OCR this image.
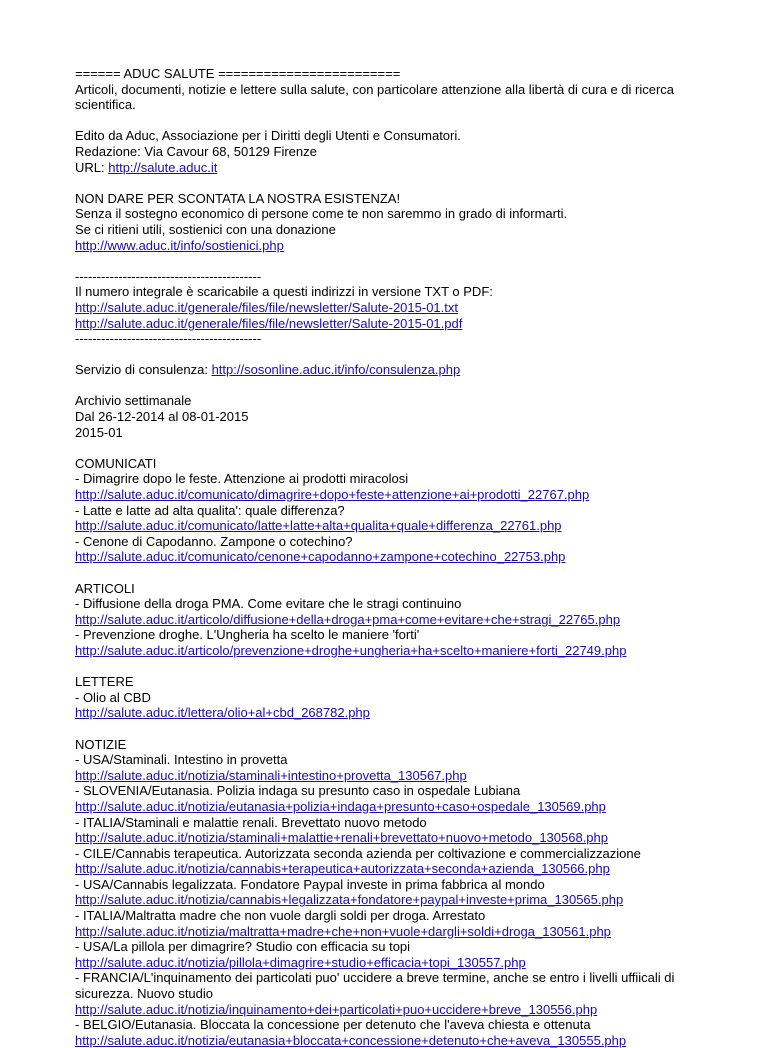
====== ADUC SALUTE ========================
Articoli, documenti, notizie e lettere sulla salute, con particolare attenzione alla libertà di cura e di ricerca scientifica.
Edito da Aduc, Associazione per i Diritti degli Utenti e Consumatori.
Redazione: Via Cavour 68, 50129 Firenze
URL: http://salute.aduc.it
NON DARE PER SCONTATA LA NOSTRA ESISTENZA!
Senza il sostegno economico di persone come te non saremmo in grado di informarti.
Se ci ritieni utili, sostienici con una donazione
http://www.aduc.it/info/sostienici.php
-------------------------------------------
Il numero integrale è scaricabile a questi indirizzi in versione TXT o PDF:
http://salute.aduc.it/generale/files/file/newsletter/Salute-2015-01.txt
http://salute.aduc.it/generale/files/file/newsletter/Salute-2015-01.pdf
-------------------------------------------
Servizio di consulenza: http://sosonline.aduc.it/info/consulenza.php
Archivio settimanale
Dal 26-12-2014 al 08-01-2015
2015-01
COMUNICATI
- Dimagrire dopo le feste. Attenzione ai prodotti miracolosi
http://salute.aduc.it/comunicato/dimagrire+dopo+feste+attenzione+ai+prodotti_22767.php
- Latte e latte ad alta qualita': quale differenza?
http://salute.aduc.it/comunicato/latte+latte+alta+qualita+quale+differenza_22761.php
- Cenone di Capodanno. Zampone o cotechino?
http://salute.aduc.it/comunicato/cenone+capodanno+zampone+cotechino_22753.php
ARTICOLI
- Diffusione della droga PMA. Come evitare che le stragi continuino
http://salute.aduc.it/articolo/diffusione+della+droga+pma+come+evitare+che+stragi_22765.php
- Prevenzione droghe. L'Ungheria ha scelto le maniere 'forti'
http://salute.aduc.it/articolo/prevenzione+droghe+ungheria+ha+scelto+maniere+forti_22749.php
LETTERE
- Olio al CBD
http://salute.aduc.it/lettera/olio+al+cbd_268782.php
NOTIZIE
- USA/Staminali. Intestino in provetta
http://salute.aduc.it/notizia/staminali+intestino+provetta_130567.php
- SLOVENIA/Eutanasia. Polizia indaga su presunto caso in ospedale Lubiana
http://salute.aduc.it/notizia/eutanasia+polizia+indaga+presunto+caso+ospedale_130569.php
- ITALIA/Staminali e malattie renali. Brevettato nuovo metodo
http://salute.aduc.it/notizia/staminali+malattie+renali+brevettato+nuovo+metodo_130568.php
- CILE/Cannabis terapeutica. Autorizzata seconda azienda per coltivazione e commercializzazione
http://salute.aduc.it/notizia/cannabis+terapeutica+autorizzata+seconda+azienda_130566.php
- USA/Cannabis legalizzata. Fondatore Paypal investe in prima fabbrica al mondo
http://salute.aduc.it/notizia/cannabis+legalizzata+fondatore+paypal+investe+prima_130565.php
- ITALIA/Maltratta madre che non vuole dargli soldi per droga. Arrestato
http://salute.aduc.it/notizia/maltratta+madre+che+non+vuole+dargli+soldi+droga_130561.php
- USA/La pillola per dimagrire? Studio con efficacia su topi
http://salute.aduc.it/notizia/pillola+dimagrire+studio+efficacia+topi_130557.php
- FRANCIA/L'inquinamento dei particolati puo' uccidere a breve termine, anche se entro i livelli uffiicali di sicurezza. Nuovo studio
http://salute.aduc.it/notizia/inquinamento+dei+particolati+puo+uccidere+breve_130556.php
- BELGIO/Eutanasia. Bloccata la concessione per detenuto che l'aveva chiesta e ottenuta
http://salute.aduc.it/notizia/eutanasia+bloccata+concessione+detenuto+che+aveva_130555.php
